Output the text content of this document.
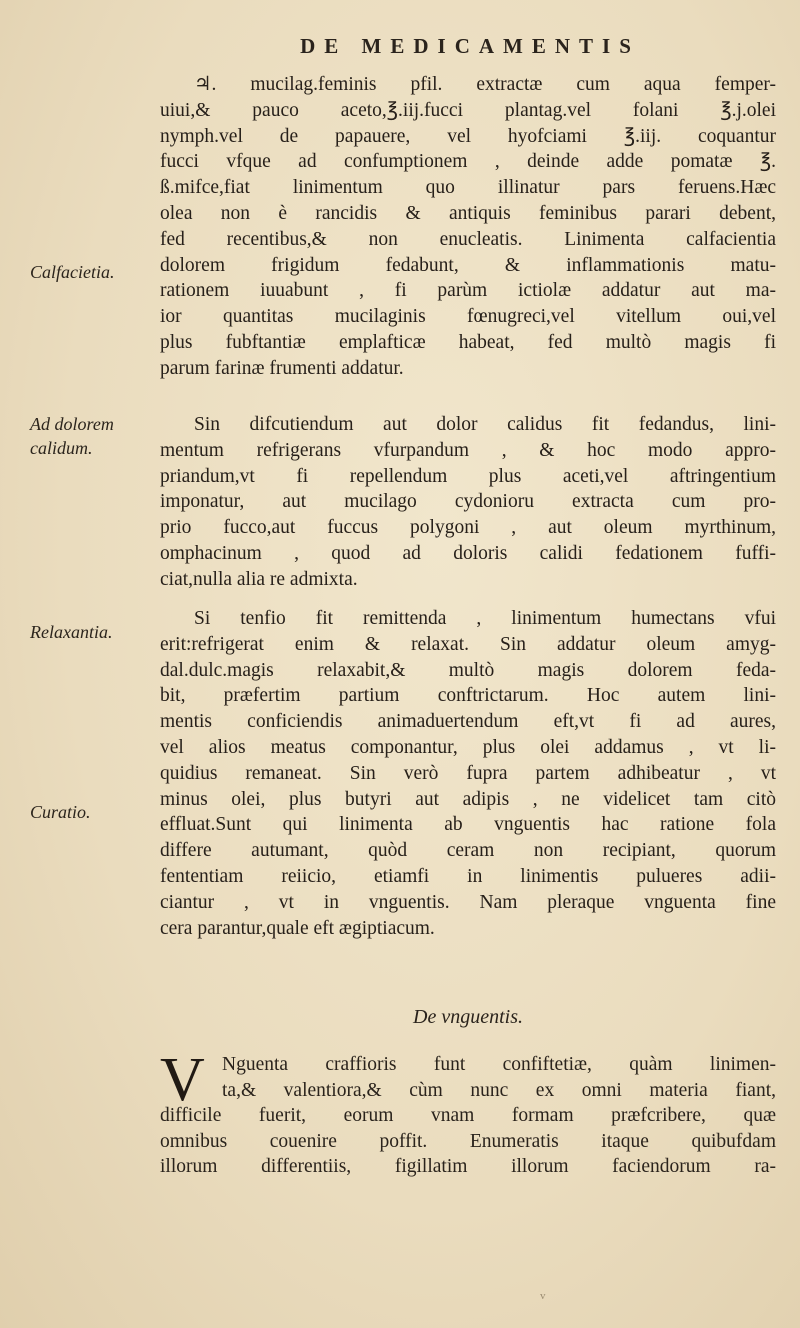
DE MEDICAMENTIS
Calfacietia.
Ad dolorem
calidum.
Relaxantia.
Curatio.
♃. mucilag.feminis pfil. extractæ cum aqua femper-
uiui,& pauco aceto,℥.iij.fucci plantag.vel folani ℥.j.olei
nymph.vel de papauere, vel hyofciami ℥.iij. coquantur
fucci vfque ad confumptionem , deinde adde pomatæ ℥.
ß.mifce,fiat linimentum quo illinatur pars feruens.Hæc
olea non è rancidis & antiquis feminibus parari debent,
fed recentibus,& non enucleatis. Linimenta calfacientia
dolorem frigidum fedabunt, & inflammationis matu-
rationem iuuabunt , fi parùm ictiolæ addatur aut ma-
ior quantitas mucilaginis fœnugreci,vel vitellum oui,vel
plus fubftantiæ emplafticæ habeat, fed multò magis fi
parum farinæ frumenti addatur.
Sin difcutiendum aut dolor calidus fit fedandus, lini-
mentum refrigerans vfurpandum , & hoc modo appro-
priandum,vt fi repellendum plus aceti,vel aftringentium
imponatur, aut mucilago cydonioru extracta cum pro-
prio fucco,aut fuccus polygoni , aut oleum myrthinum,
omphacinum , quod ad doloris calidi fedationem fuffi-
ciat,nulla alia re admixta.
Si tenfio fit remittenda , linimentum humectans vfui
erit:refrigerat enim & relaxat. Sin addatur oleum amyg-
dal.dulc.magis relaxabit,& multò magis dolorem feda-
bit, præfertim partium conftrictarum. Hoc autem lini-
mentis conficiendis animaduertendum eft,vt fi ad aures,
vel alios meatus componantur, plus olei addamus , vt li-
quidius remaneat. Sin verò fupra partem adhibeatur , vt
minus olei, plus butyri aut adipis , ne videlicet tam citò
effluat.Sunt qui linimenta ab vnguentis hac ratione fola
differe autumant, quòd ceram non recipiant, quorum
fententiam reiicio, etiamfi in linimentis pulueres adii-
ciantur , vt in vnguentis. Nam pleraque vnguenta fine
cera parantur,quale eft ægiptiacum.
De vnguentis.
V Nguenta craffioris funt confiftetiæ, quàm linimen-
ta,& valentiora,& cùm nunc ex omni materia fiant,
difficile fuerit, eorum vnam formam præfcribere, quæ
omnibus couenire poffit. Enumeratis itaque quibufdam
illorum differentiis, figillatim illorum faciendorum ra-
v
